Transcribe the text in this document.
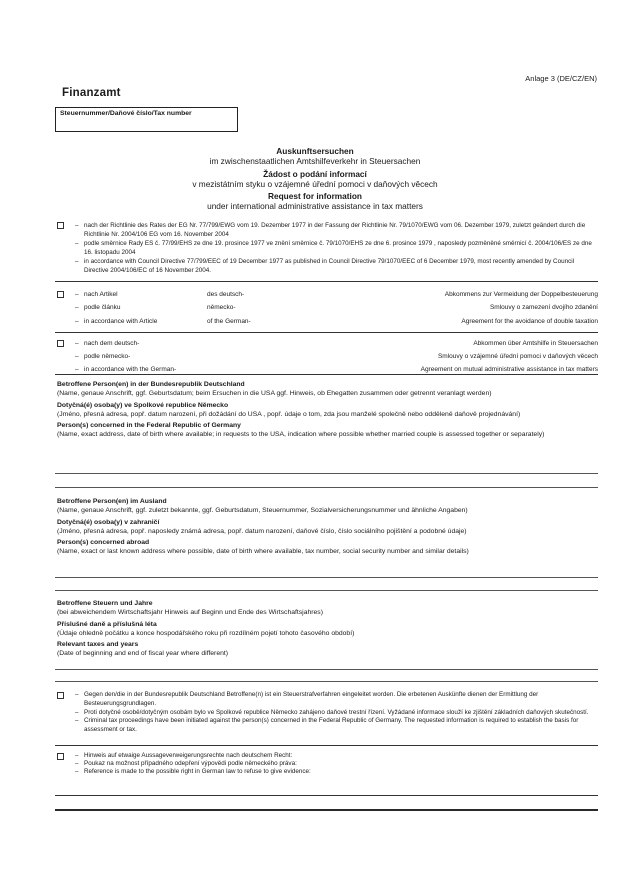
Anlage 3 (DE/CZ/EN)
Finanzamt
Steuernummer/Daňové číslo/Tax number
Auskunftsersuchen
im zwischenstaatlichen Amtshilfeverkehr in Steuersachen
Žádost o podání informací
v mezistátním styku o vzájemné úřední pomoci v daňových věcech
Request for information
under international administrative assistance in tax matters
– nach der Richtlinie des Rates der EG Nr. 77/799/EWG vom 19. Dezember 1977 in der Fassung der Richtlinie Nr. 79/1070/EWG vom 06. Dezember 1979, zuletzt geändert durch die Richtlinie Nr. 2004/106 EG vom 16. November 2004
– podle směrnice Rady ES č. 77/99/EHS ze dne 19. prosince 1977 ve znění směrnice č. 79/1070/EHS ze dne 6. prosince 1979 , naposledy pozměněné směrnicí č. 2004/106/ES ze dne 16. listopadu 2004
– in accordance with Council Directive 77/799/EEC of 19 December 1977 as published in Council Directive 79/1070/EEC of 6 December 1979, most recently amended by Council Directive 2004/106/EC of 16 November 2004.
– nach Artikel	des deutsch-	Abkommens zur Vermeidung der Doppelbesteuerung
– podle článku	německo-	Smlouvy o zamezení dvojího zdanění
– in accordance with Article	of the German-	Agreement for the avoidance of double taxation
– nach dem deutsch-	Abkommen über Amtshilfe in Steuersachen
– podle německo-	Smlouvy o vzájemné úřední pomoci v daňových věcech
– in accordance with the German-	Agreement on mutual administrative assistance in tax matters
Betroffene Person(en) in der Bundesrepublik Deutschland
(Name, genaue Anschrift, ggf. Geburtsdatum; beim Ersuchen in die USA ggf. Hinweis, ob Ehegatten zusammen oder getrennt veranlagt werden)
Dotyčná(é) osoba(y) ve Spolkové republice Německo
(Jméno, přesná adresa, popř. datum narození, při dožádání do USA , popř. údaje o tom, zda jsou manželé společně nebo odděleně daňově projednávání)
Person(s) concerned in the Federal Republic of Germany
(Name, exact address, date of birth where available; in requests to the USA, indication where possible whether married couple is assessed together or separately)
Betroffene Person(en) im Ausland
(Name, genaue Anschrift, ggf. zuletzt bekannte, ggf. Geburtsdatum, Steuernummer, Sozialversicherungsnummer und ähnliche Angaben)
Dotyčná(é) osoba(y) v zahraničí
(Jméno, přesná adresa, popř. naposledy známá adresa, popř. datum narození, daňové číslo, číslo sociálního pojištění a podobné údaje)
Person(s) concerned abroad
(Name, exact or last known address where possible, date of birth where available, tax number, social security number and similar details)
Betroffene Steuern und Jahre
(bei abweichendem Wirtschaftsjahr Hinweis auf Beginn und Ende des Wirtschaftsjahres)
Příslušné daně a příslušná léta
(Údaje ohledně počátku a konce hospodářského roku při rozdílném pojetí tohoto časového období)
Relevant taxes and years
(Date of beginning and end of fiscal year where different)
– Gegen den/die in der Bundesrepublik Deutschland Betroffene(n) ist ein Steuerstrafverfahren eingeleitet worden. Die erbetenen Auskünfte dienen der Ermittlung der Besteuerungsgrundlagen.
– Proti dotyčné osobě/dotyčným osobám bylo ve Spolkové republice Německo zahájeno daňové trestní řízení. Vyžádané informace slouží ke zjištění základních daňových skutečností.
– Criminal tax proceedings have been initiated against the person(s) concerned in the Federal Republic of Germany. The requested information is required to establish the basis for assessment or tax.
– Hinweis auf etwaige Aussageverweigerungsrechte nach deutschem Recht:
– Poukaz na možnost případného odepření výpovědi podle německého práva:
– Reference is made to the possible right in German law to refuse to give evidence:
